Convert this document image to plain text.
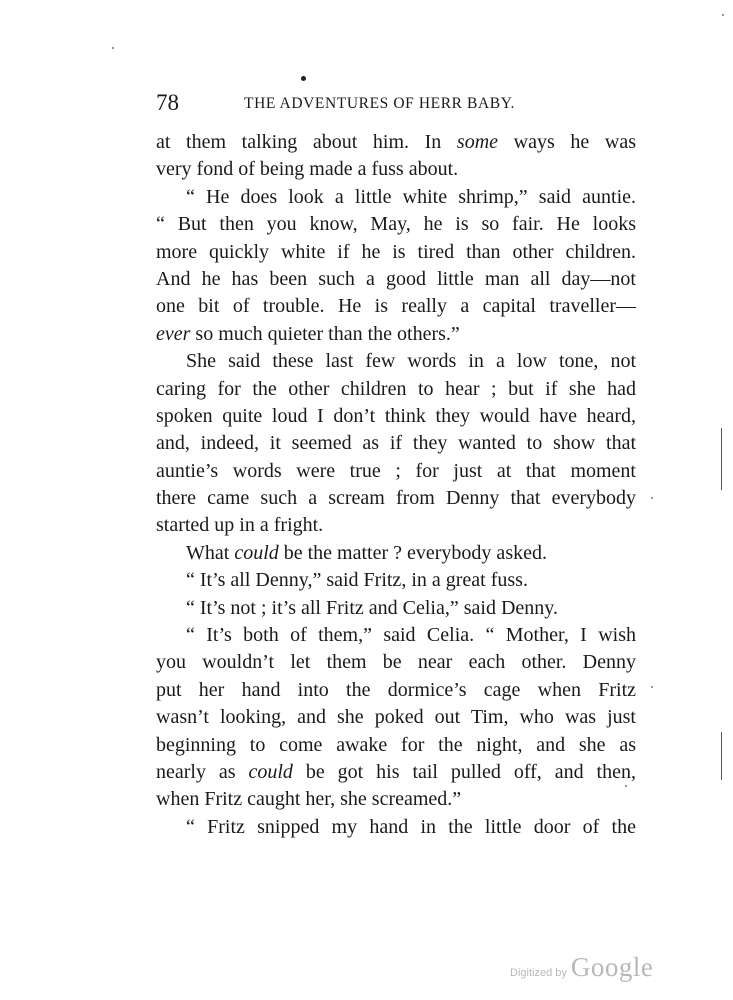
78	THE ADVENTURES OF HERR BABY.
at them talking about him. In some ways he was
very fond of being made a fuss about.
“ He does look a little white shrimp,” said auntie.
“ But then you know, May, he is so fair. He looks
more quickly white if he is tired than other children.
And he has been such a good little man all day—not
one bit of trouble. He is really a capital traveller—
ever so much quieter than the others.”
She said these last few words in a low tone, not
caring for the other children to hear ; but if she had
spoken quite loud I don’t think they would have heard,
and, indeed, it seemed as if they wanted to show that
auntie’s words were true ; for just at that moment
there came such a scream from Denny that everybody
started up in a fright.
What could be the matter ? everybody asked.
“ It’s all Denny,” said Fritz, in a great fuss.
“ It’s not ; it’s all Fritz and Celia,” said Denny.
“ It’s both of them,” said Celia. “ Mother, I wish
you wouldn’t let them be near each other. Denny
put her hand into the dormice’s cage when Fritz
wasn’t looking, and she poked out Tim, who was just
beginning to come awake for the night, and she as
nearly as could be got his tail pulled off, and then,
when Fritz caught her, she screamed.”
“ Fritz snipped my hand in the little door of the
Digitized by Google
